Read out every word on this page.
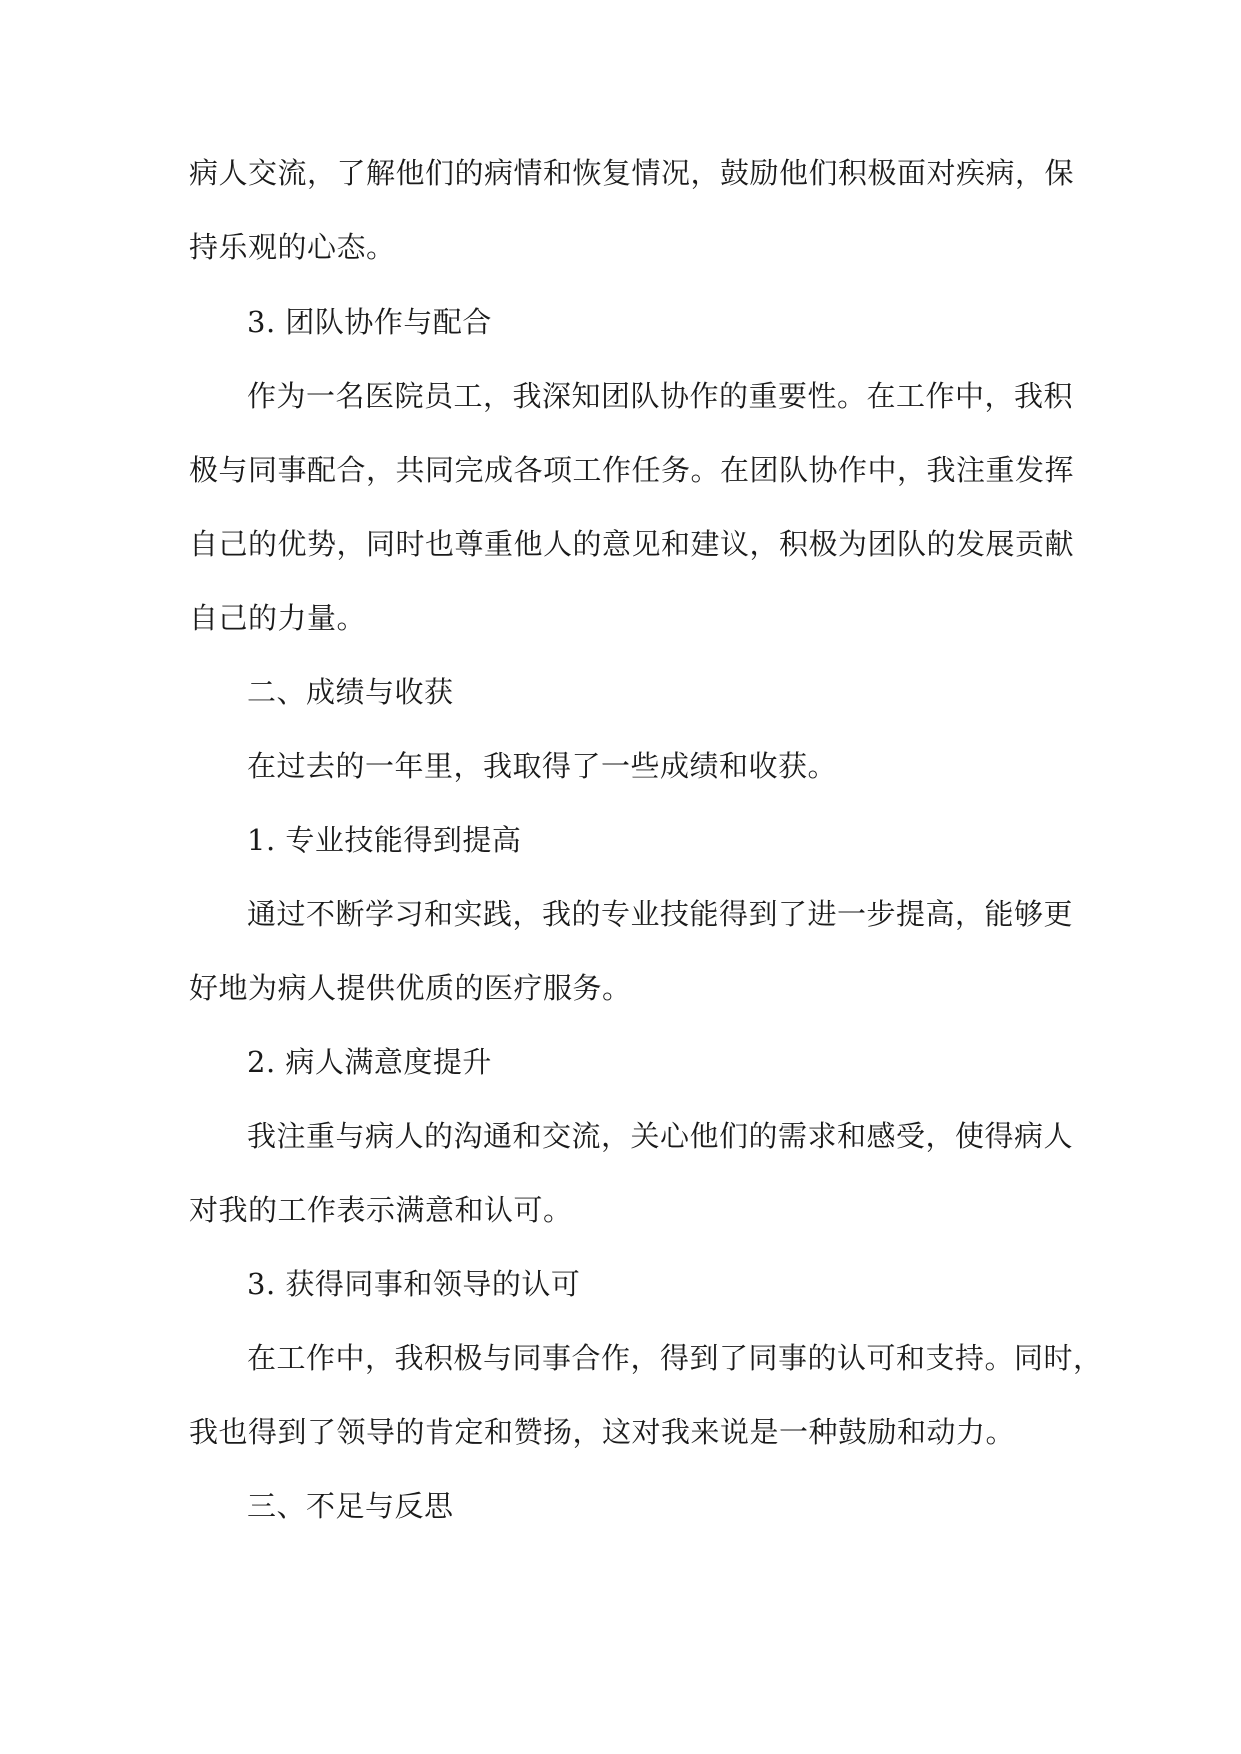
病人交流，了解他们的病情和恢复情况，鼓励他们积极面对疾病，保
持乐观的心态。
3. 团队协作与配合
作为一名医院员工，我深知团队协作的重要性。在工作中，我积
极与同事配合，共同完成各项工作任务。在团队协作中，我注重发挥
自己的优势，同时也尊重他人的意见和建议，积极为团队的发展贡献
自己的力量。
二、成绩与收获
在过去的一年里，我取得了一些成绩和收获。
1. 专业技能得到提高
通过不断学习和实践，我的专业技能得到了进一步提高，能够更
好地为病人提供优质的医疗服务。
2. 病人满意度提升
我注重与病人的沟通和交流，关心他们的需求和感受，使得病人
对我的工作表示满意和认可。
3. 获得同事和领导的认可
在工作中，我积极与同事合作，得到了同事的认可和支持。同时，
我也得到了领导的肯定和赞扬，这对我来说是一种鼓励和动力。
三、不足与反思
